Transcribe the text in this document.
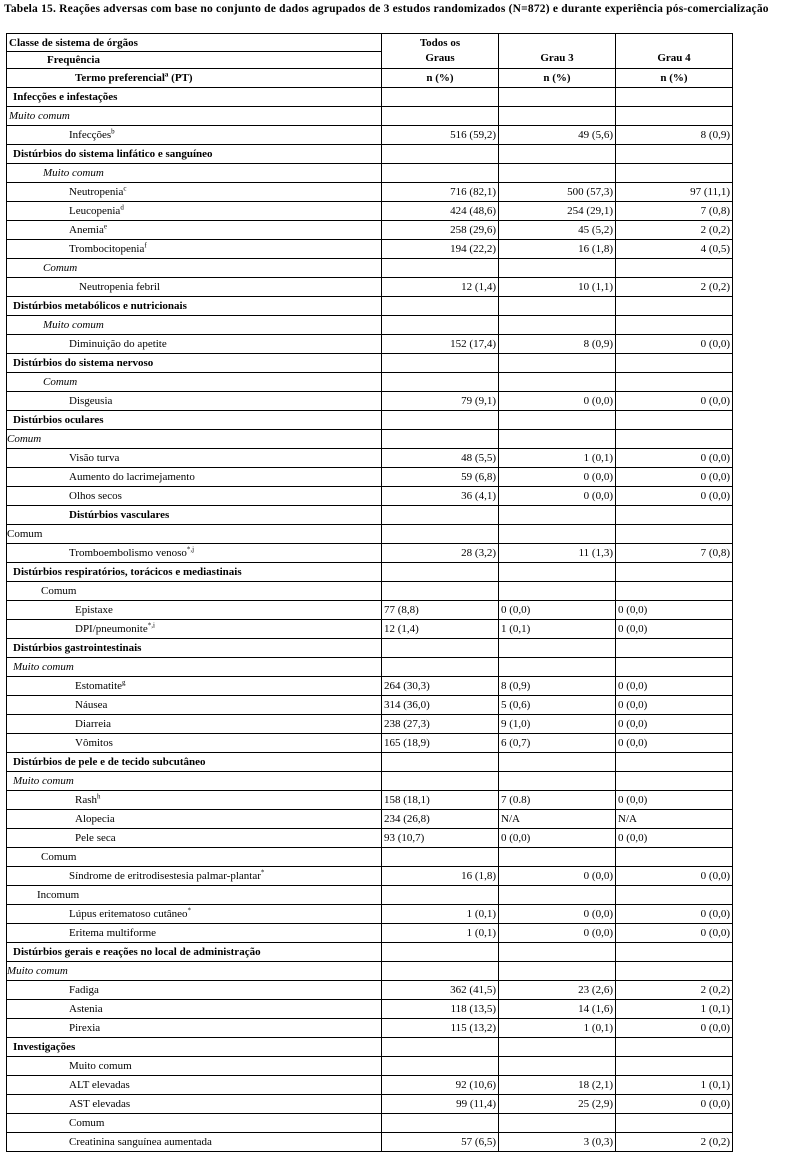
Tabela 15. Reações adversas com base no conjunto de dados agrupados de 3 estudos randomizados (N=872) e durante experiência pós-comercialização
Classe de sistema de órgãos	Todos os
Graus	Grau 3	Grau 4
Frequência			
Termo preferencial$^a$ (PT)	n (%)	n (%)	n (%)
Infecções e infestações			
Muito comum			
Infecções$^b$	516 (59,2)	49 (5,6)	8 (0,9)
Distúrbios do sistema linfático e sanguíneo			
Muito comum			
Neutropenia$^c$	716 (82,1)	500 (57,3)	97 (11,1)
Leucopenia$^d$	424 (48,6)	254 (29,1)	7 (0,8)
Anemia$^e$	258 (29,6)	45 (5,2)	2 (0,2)
Trombocitopenia$^f$	194 (22,2)	16 (1,8)	4 (0,5)
Comum			
Neutropenia febril	12 (1,4)	10 (1,1)	2 (0,2)
Distúrbios metabólicos e nutricionais			
Muito comum			
Diminuição do apetite	152 (17,4)	8 (0,9)	0 (0,0)
Distúrbios do sistema nervoso			
Comum			
Disgeusia	79 (9,1)	0 (0,0)	0 (0,0)
Distúrbios oculares			
Comum			
Visão turva	48 (5,5)	1 (0,1)	0 (0,0)
Aumento do lacrimejamento	59 (6,8)	0 (0,0)	0 (0,0)
Olhos secos	36 (4,1)	0 (0,0)	0 (0,0)
Distúrbios vasculares			
Comum			
Tromboembolismo venoso$^{*,j}$	28 (3,2)	11 (1,3)	7 (0,8)
Distúrbios respiratórios, torácicos e mediastinais			
Comum			
Epistaxe	77 (8,8)	0 (0,0)	0 (0,0)
DPI/pneumonite$^{*,i}$	12 (1,4)	1 (0,1)	0 (0,0)
Distúrbios gastrointestinais			
Muito comum			
Estomatite$^g$	264 (30,3)	8 (0,9)	0 (0,0)
Náusea	314 (36,0)	5 (0,6)	0 (0,0)
Diarreia	238 (27,3)	9 (1,0)	0 (0,0)
Vômitos	165 (18,9)	6 (0,7)	0 (0,0)
Distúrbios de pele e de tecido subcutâneo			
Muito comum			
Rash$^h$	158 (18,1)	7 (0.8)	0 (0,0)
Alopecia	234 (26,8)	N/A	N/A
Pele seca	93 (10,7)	0 (0,0)	0 (0,0)
Comum			
Síndrome de eritrodisestesia palmar-plantar*	16 (1,8)	0 (0,0)	0 (0,0)
Incomum			
Lúpus eritematoso cutâneo*	1 (0,1)	0 (0,0)	0 (0,0)
Eritema multiforme	1 (0,1)	0 (0,0)	0 (0,0)
Distúrbios gerais e reações no local de administração			
Muito comum			
Fadiga	362 (41,5)	23 (2,6)	2 (0,2)
Astenia	118 (13,5)	14 (1,6)	1 (0,1)
Pirexia	115 (13,2)	1 (0,1)	0 (0,0)
Investigações			
Muito comum			
ALT elevadas	92 (10,6)	18 (2,1)	1 (0,1)
AST elevadas	99 (11,4)	25 (2,9)	0 (0,0)
Comum			
Creatinina sanguínea aumentada	57 (6,5)	3 (0,3)	2 (0,2)
